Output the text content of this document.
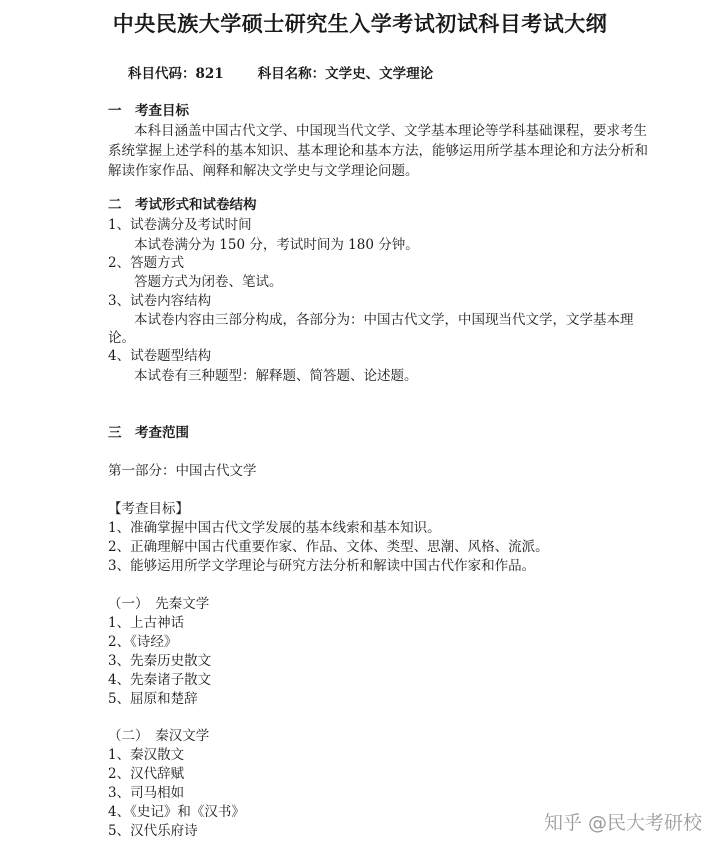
中央民族大学硕士研究生入学考试初试科目考试大纲
科目代码：821	科目名称：文学史、文学理论
一　考查目标
本科目涵盖中国古代文学、中国现当代文学、文学基本理论等学科基础课程，要求考生
系统掌握上述学科的基本知识、基本理论和基本方法，能够运用所学基本理论和方法分析和
解读作家作品、阐释和解决文学史与文学理论问题。
二　考试形式和试卷结构
1、试卷满分及考试时间
本试卷满分为 150 分，考试时间为 180 分钟。
2、答题方式
答题方式为闭卷、笔试。
3、试卷内容结构
本试卷内容由三部分构成，各部分为：中国古代文学，中国现当代文学，文学基本理
论。
4、试卷题型结构
本试卷有三种题型：解释题、简答题、论述题。
三　考查范围
第一部分：中国古代文学
【考查目标】
1、准确掌握中国古代文学发展的基本线索和基本知识。
2、正确理解中国古代重要作家、作品、文体、类型、思潮、风格、流派。
3、能够运用所学文学理论与研究方法分析和解读中国古代作家和作品。
（一）　先秦文学
1、上古神话
2、《诗经》
3、先秦历史散文
4、先秦诸子散文
5、屈原和楚辞
（二）　秦汉文学
1、秦汉散文
2、汉代辞赋
3、司马相如
4、《史记》和《汉书》
5、汉代乐府诗	知乎 @民大考研校
